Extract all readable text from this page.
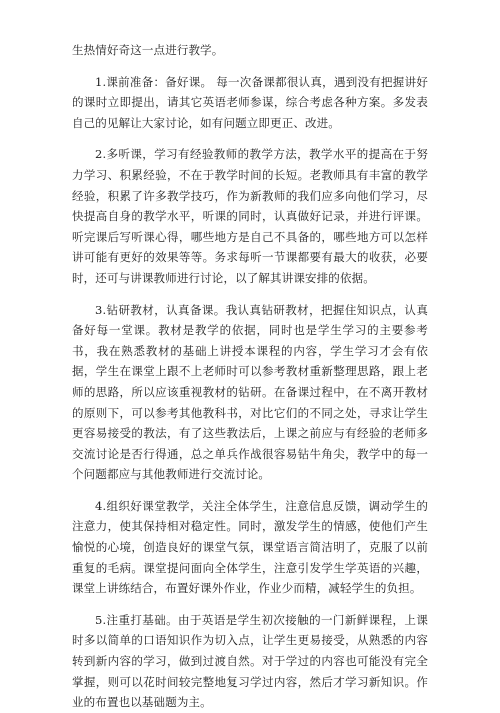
生热情好奇这一点进行教学。

1.课前准备：备好课。 每一次备课都很认真，遇到没有把握讲好的课时立即提出，请其它英语老师参谋，综合考虑各种方案。多发表自己的见解让大家讨论，如有问题立即更正、改进。

2.多听课，学习有经验教师的教学方法，教学水平的提高在于努力学习、积累经验，不在于教学时间的长短。老教师具有丰富的教学经验，积累了许多教学技巧，作为新教师的我们应多向他们学习，尽快提高自身的教学水平，听课的同时，认真做好记录，并进行评课。听完课后写听课心得，哪些地方是自己不具备的，哪些地方可以怎样讲可能有更好的效果等等。务求每听一节课都要有最大的收获，必要时，还可与讲课教师进行讨论，以了解其讲课安排的依据。

3.钻研教材，认真备课。我认真钻研教材，把握住知识点，认真备好每一堂课。教材是教学的依据，同时也是学生学习的主要参考书，我在熟悉教材的基础上讲授本课程的内容，学生学习才会有依据，学生在课堂上跟不上老师时可以参考教材重新整理思路，跟上老师的思路，所以应该重视教材的钻研。在备课过程中，在不离开教材的原则下，可以参考其他教科书，对比它们的不同之处，寻求让学生更容易接受的教法，有了这些教法后，上课之前应与有经验的老师多交流讨论是否行得通，总之单兵作战很容易钻牛角尖，教学中的每一个问题都应与其他教师进行交流讨论。

4.组织好课堂教学，关注全体学生，注意信息反馈，调动学生的注意力，使其保持相对稳定性。同时，激发学生的情感，使他们产生愉悦的心境，创造良好的课堂气氛，课堂语言简洁明了，克服了以前重复的毛病。课堂提问面向全体学生，注意引发学生学英语的兴趣，课堂上讲练结合，布置好课外作业，作业少而精，减轻学生的负担。

5.注重打基础。由于英语是学生初次接触的一门新鲜课程，上课时多以简单的口语知识作为切入点，让学生更易接受，从熟悉的内容转到新内容的学习，做到过渡自然。对于学过的内容也可能没有完全掌握，则可以花时间较完整地复习学过内容，然后才学习新知识。作业的布置也以基础题为主。
